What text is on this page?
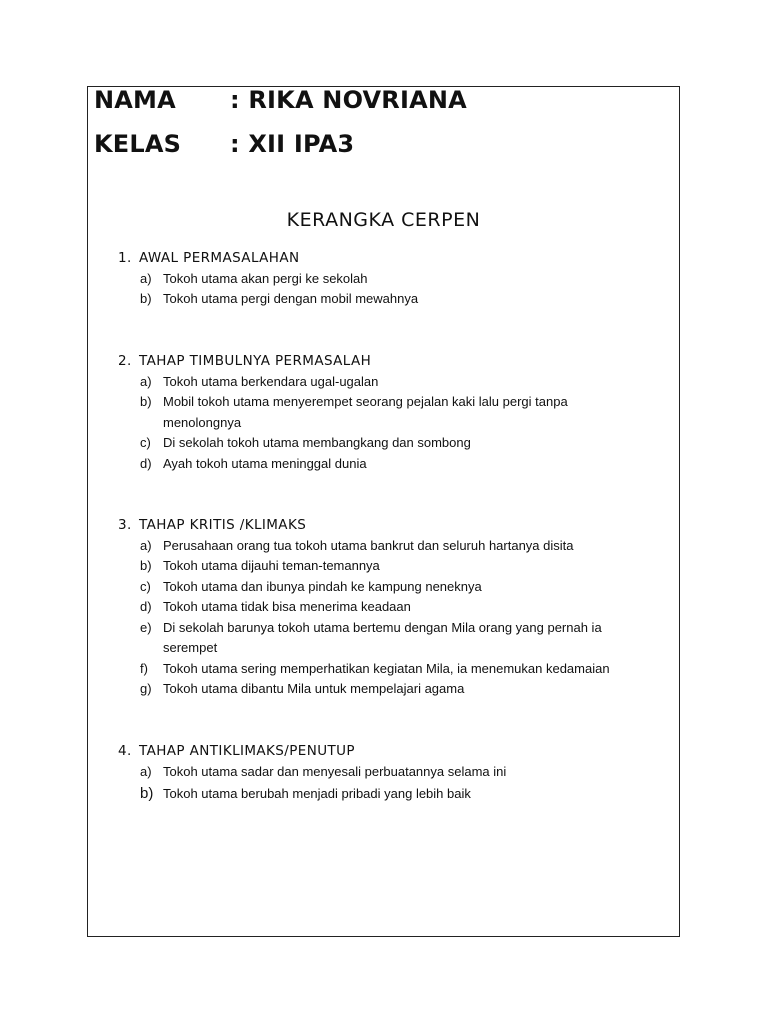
NAMA : RIKA NOVRIANA
KELAS : XII IPA3
KERANGKA CERPEN
1. AWAL PERMASALAHAN
a) Tokoh utama akan pergi ke sekolah
b) Tokoh utama pergi dengan mobil mewahnya
2. TAHAP TIMBULNYA PERMASALAH
a) Tokoh utama berkendara ugal-ugalan
b) Mobil tokoh utama menyerempet seorang pejalan kaki lalu pergi tanpa
menolongnya
c) Di sekolah tokoh utama membangkang dan sombong
d) Ayah tokoh utama meninggal dunia
3. TAHAP KRITIS /KLIMAKS
a) Perusahaan orang tua tokoh utama bankrut dan seluruh hartanya disita
b) Tokoh utama dijauhi teman-temannya
c) Tokoh utama dan ibunya pindah ke kampung neneknya
d) Tokoh utama tidak bisa menerima keadaan
e) Di sekolah barunya tokoh utama bertemu dengan Mila orang yang pernah ia
serempet
f) Tokoh utama sering memperhatikan kegiatan Mila, ia menemukan kedamaian
g) Tokoh utama dibantu Mila untuk mempelajari agama
4. TAHAP ANTIKLIMAKS/PENUTUP
a) Tokoh utama sadar dan menyesali perbuatannya selama ini
b) Tokoh utama berubah menjadi pribadi yang lebih baik
